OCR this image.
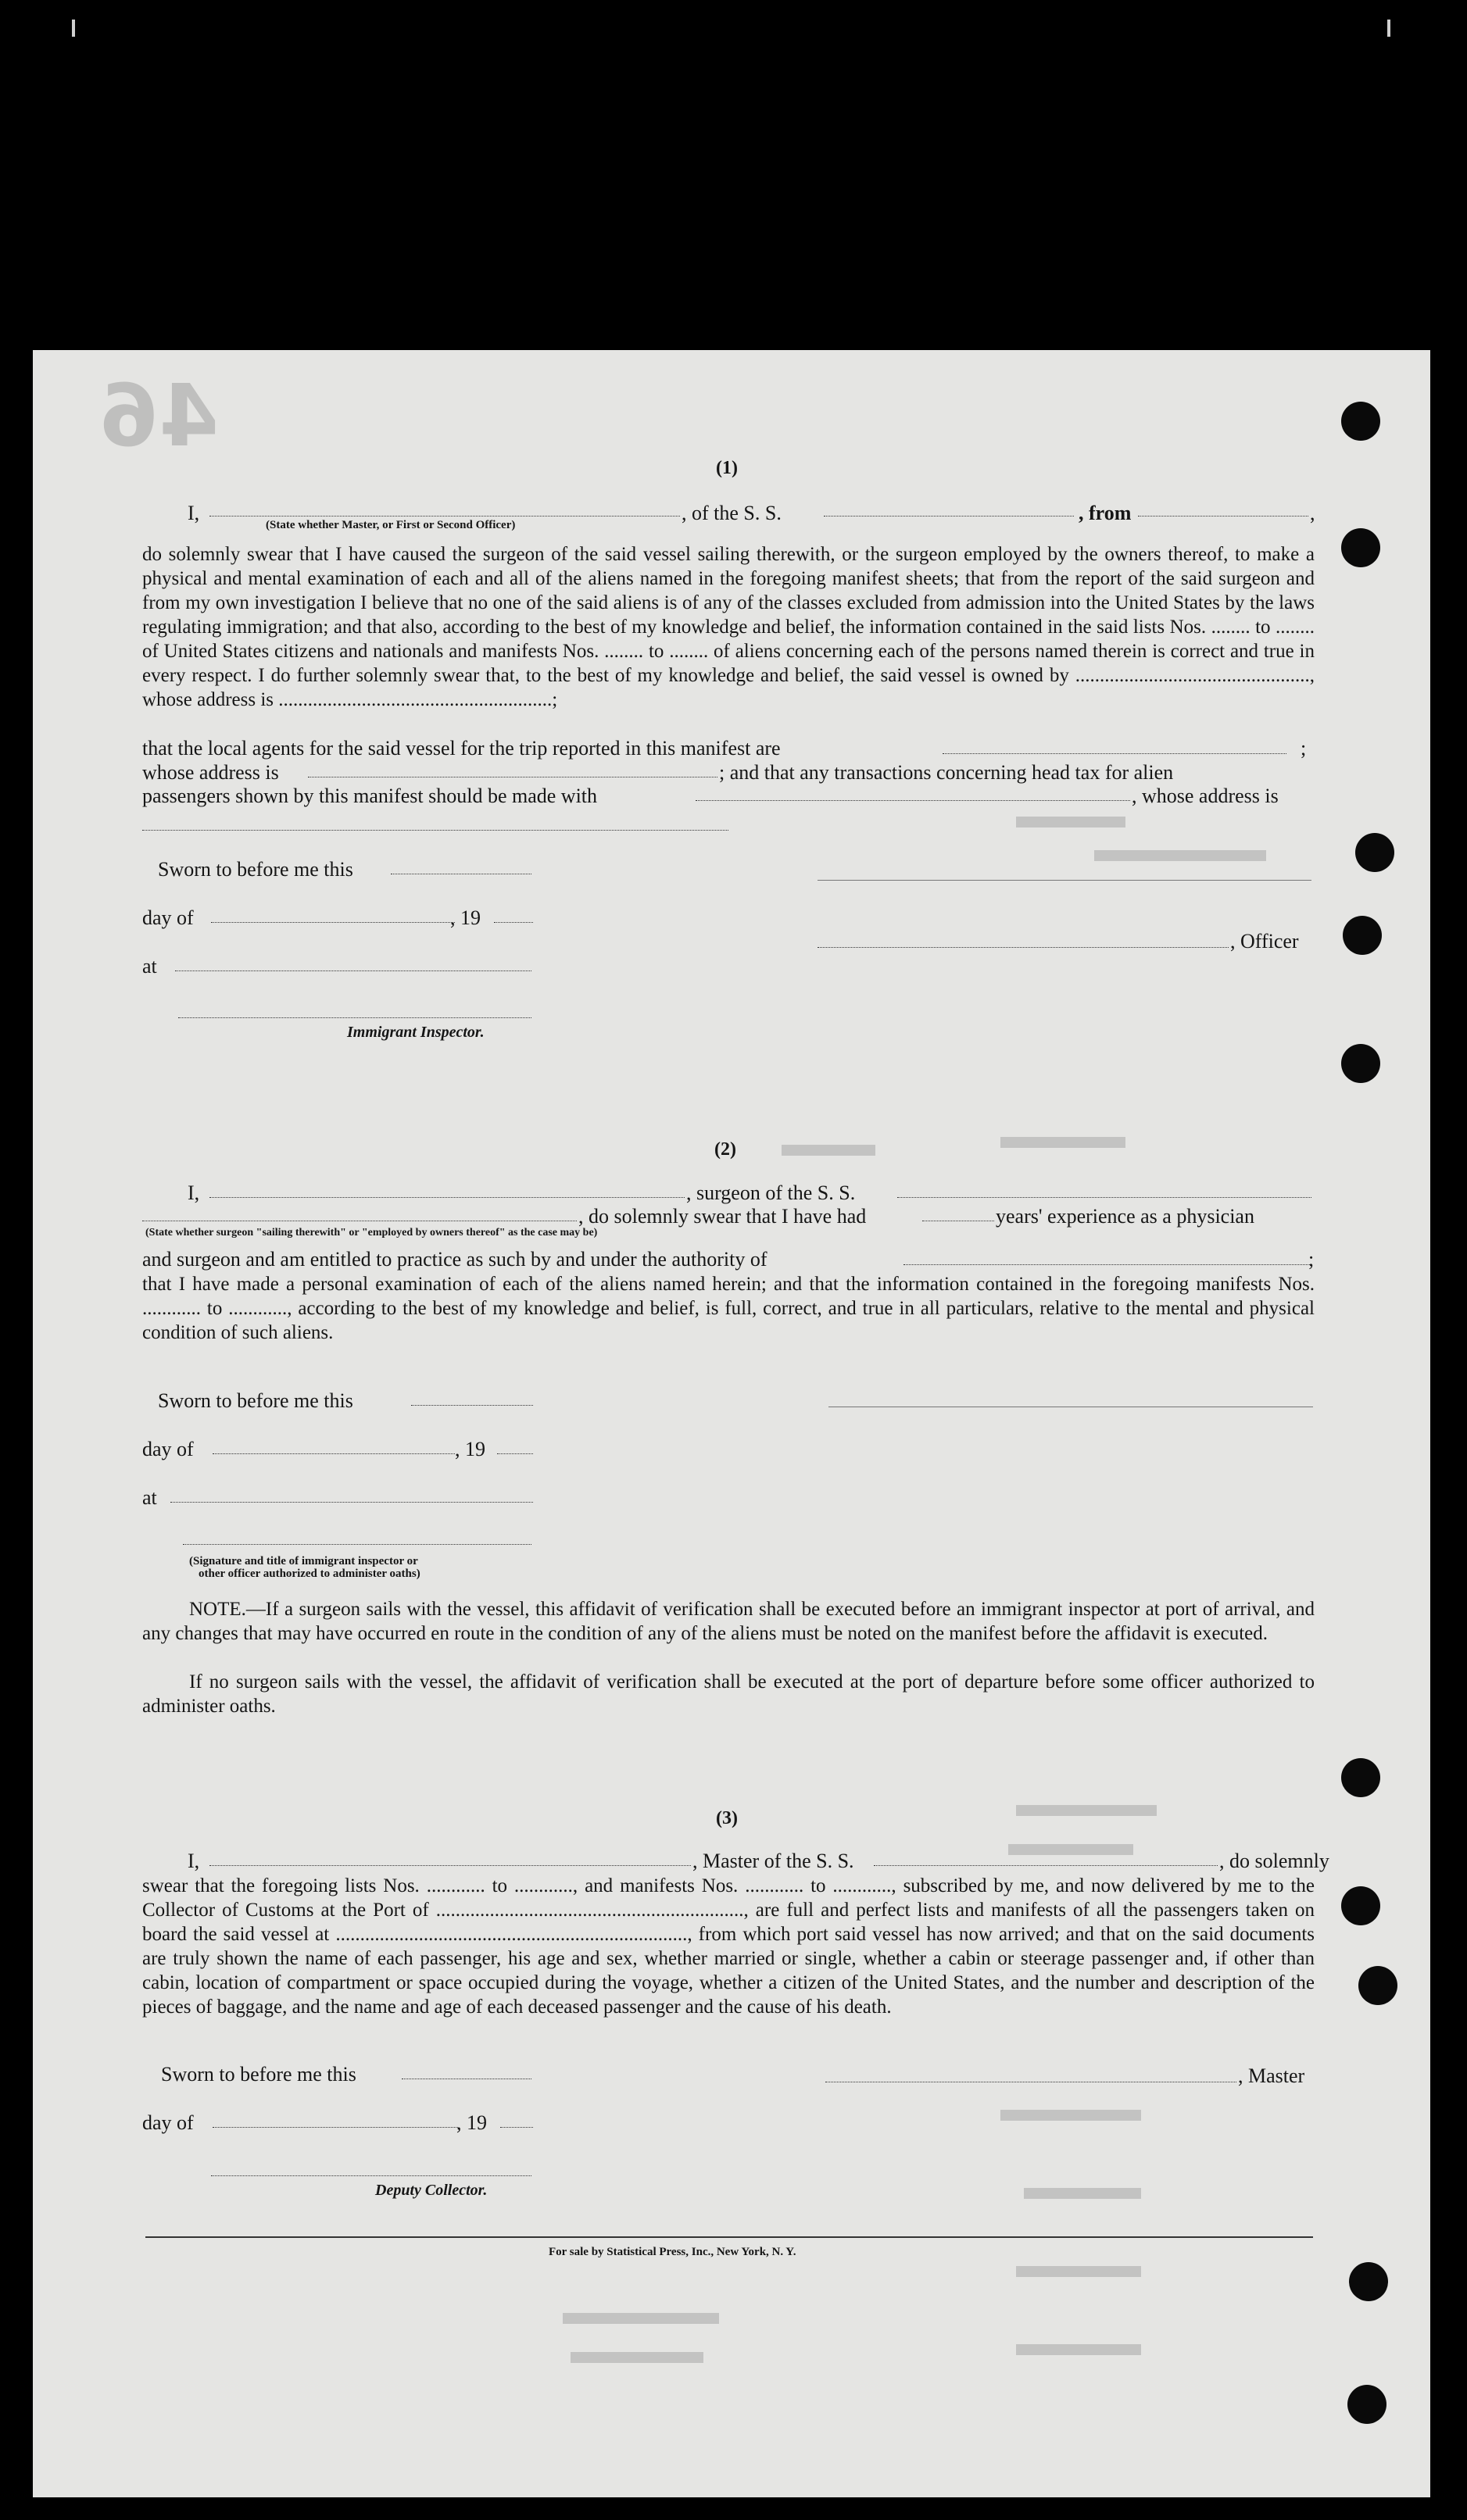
46
(1)
I,	, of the S. S.	, from	,
(State whether Master, or First or Second Officer)
do solemnly swear that I have caused the surgeon of the said vessel sailing therewith, or the surgeon employed by the owners thereof, to make a physical and mental examination of each and all of the aliens named in the foregoing manifest sheets; that from the report of the said surgeon and from my own investigation I believe that no one of the said aliens is of any of the classes excluded from admission into the United States by the laws regulating immigration; and that also, according to the best of my knowledge and belief, the information contained in the said lists Nos. ........ to ........ of United States citizens and nationals and manifests Nos. ........ to ........ of aliens concerning each of the persons named therein is correct and true in every respect. I do further solemnly swear that, to the best of my knowledge and belief, the said vessel is owned by ................................................, whose address is ........................................................;
that the local agents for the said vessel for the trip reported in this manifest are	;
whose address is	; and that any transactions concerning head tax for alien
passengers shown by this manifest should be made with	, whose address is
Sworn to before me this
day of	, 19
at
Immigrant Inspector.
, Officer
(2)
I,	, surgeon of the S. S.
, do solemnly swear that I have had	years' experience as a physician
(State whether surgeon "sailing therewith" or "employed by owners thereof" as the case may be)
and surgeon and am entitled to practice as such by and under the authority of	;
that I have made a personal examination of each of the aliens named herein; and that the information contained in the foregoing manifests Nos. ............ to ............, according to the best of my knowledge and belief, is full, correct, and true in all particulars, relative to the mental and physical condition of such aliens.
Sworn to before me this
day of	, 19
at
(Signature and title of immigrant inspector or
other officer authorized to administer oaths)
NOTE.—If a surgeon sails with the vessel, this affidavit of verification shall be executed before an immigrant inspector at port of arrival, and any changes that may have occurred en route in the condition of any of the aliens must be noted on the manifest before the affidavit is executed.
If no surgeon sails with the vessel, the affidavit of verification shall be executed at the port of departure before some officer authorized to administer oaths.
(3)
I,	, Master of the S. S.	, do solemnly
swear that the foregoing lists Nos. ............ to ............, and manifests Nos. ............ to ............, subscribed by me, and now delivered by me to the Collector of Customs at the Port of ..............................................................., are full and perfect lists and manifests of all the passengers taken on board the said vessel at ........................................................................, from which port said vessel has now arrived; and that on the said documents are truly shown the name of each passenger, his age and sex, whether married or single, whether a cabin or steerage passenger and, if other than cabin, location of compartment or space occupied during the voyage, whether a citizen of the United States, and the number and description of the pieces of baggage, and the name and age of each deceased passenger and the cause of his death.
Sworn to before me this	, Master
day of	, 19
Deputy Collector.
For sale by Statistical Press, Inc., New York, N. Y.
